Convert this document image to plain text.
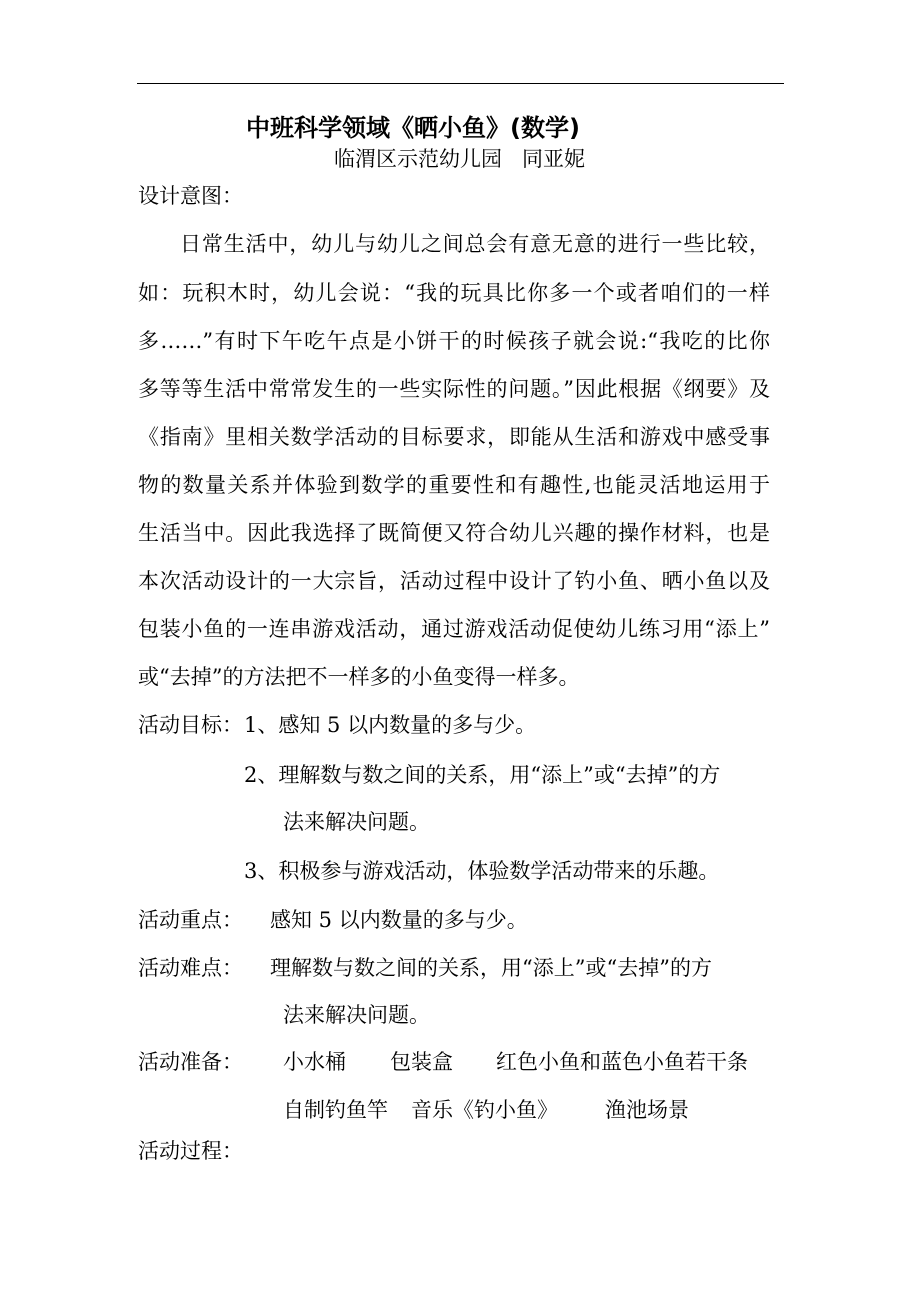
中班科学领域《晒小鱼》(数学)
临渭区示范幼儿园   同亚妮
设计意图：
日常生活中，幼儿与幼儿之间总会有意无意的进行一些比较，
如：玩积木时，幼儿会说：“我的玩具比你多一个或者咱们的一样
多……”有时下午吃午点是小饼干的时候孩子就会说:“我吃的比你
多等等生活中常常发生的一些实际性的问题。”因此根据《纲要》及
《指南》里相关数学活动的目标要求，即能从生活和游戏中感受事
物的数量关系并体验到数学的重要性和有趣性,也能灵活地运用于
生活当中。因此我选择了既简便又符合幼儿兴趣的操作材料，也是
本次活动设计的一大宗旨，活动过程中设计了钓小鱼、晒小鱼以及
包装小鱼的一连串游戏活动，通过游戏活动促使幼儿练习用“添上”
或“去掉”的方法把不一样多的小鱼变得一样多。
活动目标： 1、感知 5 以内数量的多与少。
2、理解数与数之间的关系，用“添上”或“去掉”的方
法来解决问题。
3、积极参与游戏活动，体验数学活动带来的乐趣。
活动重点： 感知 5 以内数量的多与少。
活动难点： 理解数与数之间的关系，用“添上”或“去掉”的方
法来解决问题。
活动准备： 小水桶 包装盒 红色小鱼和蓝色小鱼若干条
自制钓鱼竿 音乐《钓小鱼》 渔池场景
活动过程：
